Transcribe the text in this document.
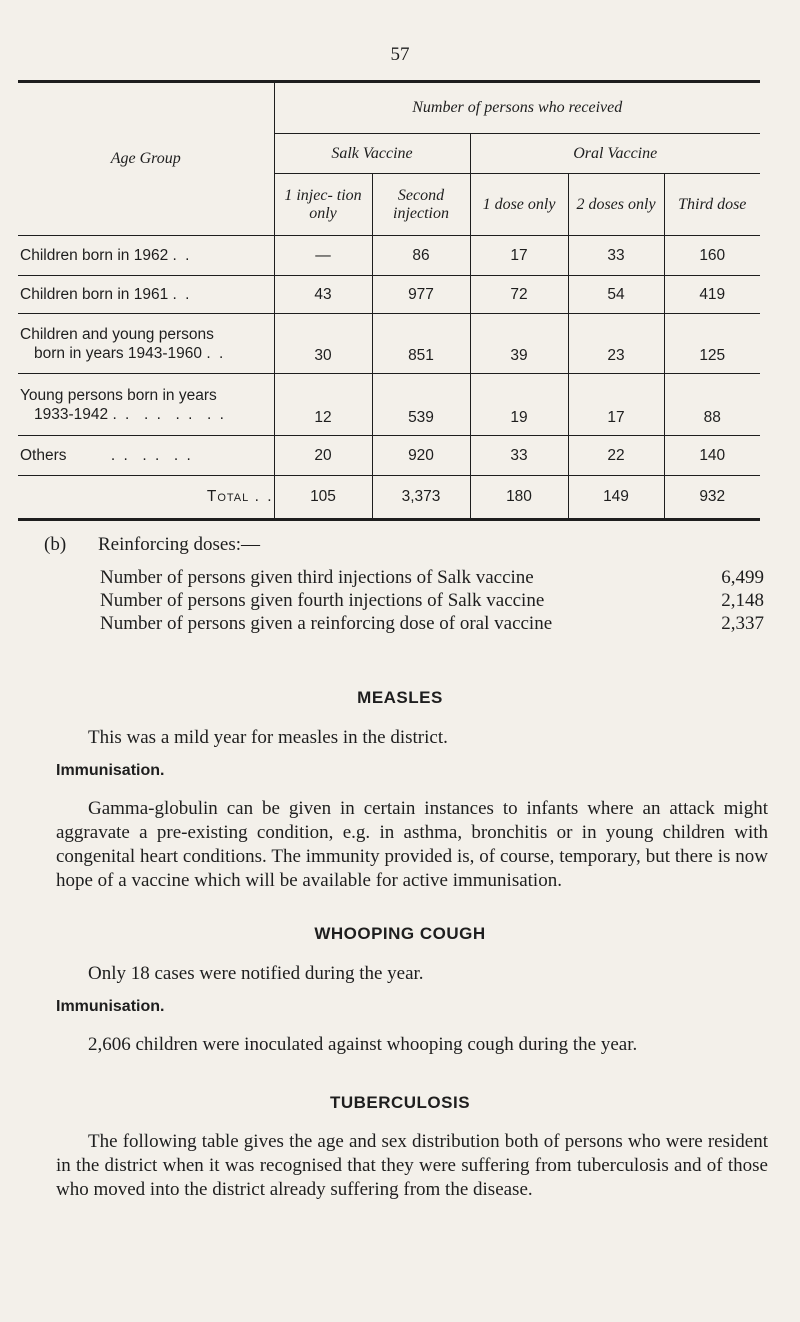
57
Age Group	Number of persons who received				
	Salk Vaccine		Oral Vaccine		
	1 injec- tion only	Second injection	1 dose only	2 doses only	Third dose
Children born in 1962 . .	—	86	17	33	160
Children born in 1961 . .	43	977	72	54	419

Children and young persons
born in years 1943-1960 . .	30	851	39	23	125

Young persons born in years
1933-1942 . .  . .  . .  . .	12	539	19	17	88
Others . .  . .  . .	20	920	33	22	140
Total . .	105	3,373	180	149	932
(b) Reinforcing doses:—
Number of persons given third injections of Salk vaccine	6,499
Number of persons given fourth injections of Salk vaccine	2,148
Number of persons given a reinforcing dose of oral vaccine	2,337
MEASLES
This was a mild year for measles in the district.
Immunisation.
Gamma-globulin can be given in certain instances to infants where an attack might aggravate a pre-existing condition, e.g. in asthma, bronchitis or in young children with congenital heart conditions. The immunity provided is, of course, temporary, but there is now hope of a vaccine which will be available for active immunisation.
WHOOPING COUGH
Only 18 cases were notified during the year.
Immunisation.
2,606 children were inoculated against whooping cough during the year.
TUBERCULOSIS
The following table gives the age and sex distribution both of persons who were resident in the district when it was recognised that they were suffering from tuberculosis and of those who moved into the district already suffering from the disease.
